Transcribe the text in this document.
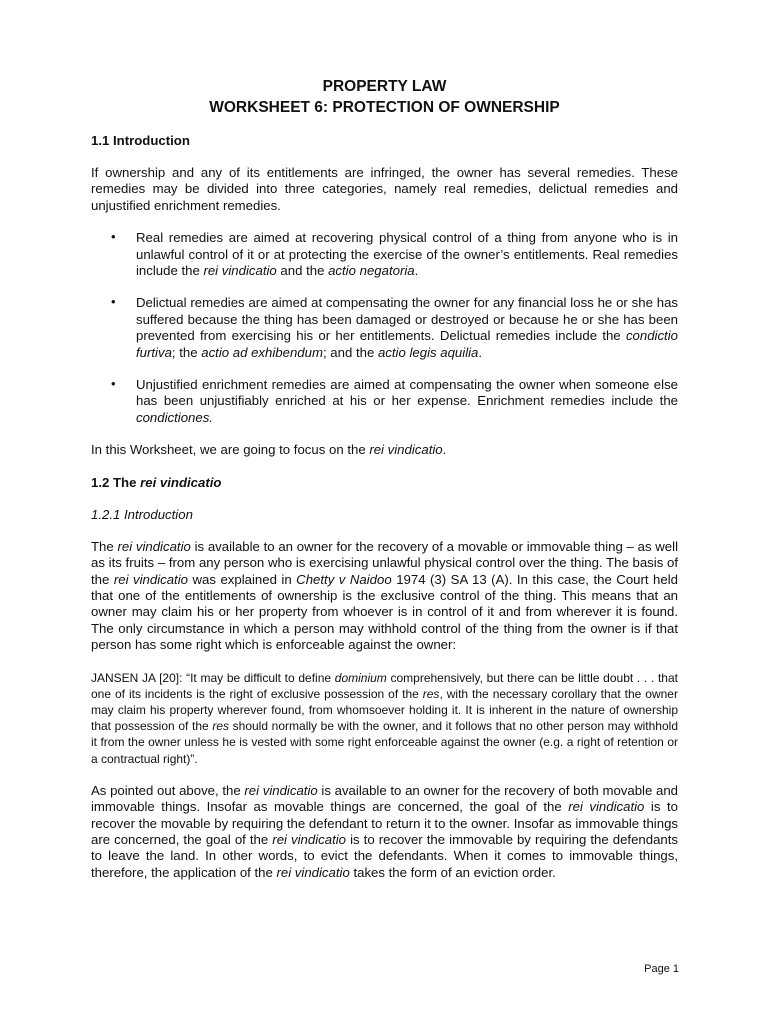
PROPERTY LAW
WORKSHEET 6: PROTECTION OF OWNERSHIP

1.1 Introduction

If ownership and any of its entitlements are infringed, the owner has several remedies. These remedies may be divided into three categories, namely real remedies, delictual remedies and unjustified enrichment remedies.

• Real remedies are aimed at recovering physical control of a thing from anyone who is in unlawful control of it or at protecting the exercise of the owner’s entitlements. Real remedies include the rei vindicatio and the actio negatoria.
• Delictual remedies are aimed at compensating the owner for any financial loss he or she has suffered because the thing has been damaged or destroyed or because he or she has been prevented from exercising his or her entitlements. Delictual remedies include the condictio furtiva; the actio ad exhibendum; and the actio legis aquilia.
• Unjustified enrichment remedies are aimed at compensating the owner when someone else has been unjustifiably enriched at his or her expense. Enrichment remedies include the condictiones.

In this Worksheet, we are going to focus on the rei vindicatio.

1.2 The rei vindicatio

1.2.1 Introduction

The rei vindicatio is available to an owner for the recovery of a movable or immovable thing – as well as its fruits – from any person who is exercising unlawful physical control over the thing. The basis of the rei vindicatio was explained in Chetty v Naidoo 1974 (3) SA 13 (A). In this case, the Court held that one of the entitlements of ownership is the exclusive control of the thing. This means that an owner may claim his or her property from whoever is in control of it and from wherever it is found. The only circumstance in which a person may withhold control of the thing from the owner is if that person has some right which is enforceable against the owner:

JANSEN JA [20]: “It may be difficult to define dominium comprehensively, but there can be little doubt . . . that one of its incidents is the right of exclusive possession of the res, with the necessary corollary that the owner may claim his property wherever found, from whomsoever holding it. It is inherent in the nature of ownership that possession of the res should normally be with the owner, and it follows that no other person may withhold it from the owner unless he is vested with some right enforceable against the owner (e.g. a right of retention or a contractual right)”.

As pointed out above, the rei vindicatio is available to an owner for the recovery of both movable and immovable things. Insofar as movable things are concerned, the goal of the rei vindicatio is to recover the movable by requiring the defendant to return it to the owner. Insofar as immovable things are concerned, the goal of the rei vindicatio is to recover the immovable by requiring the defendants to leave the land. In other words, to evict the defendants. When it comes to immovable things, therefore, the application of the rei vindicatio takes the form of an eviction order.

Page 1
